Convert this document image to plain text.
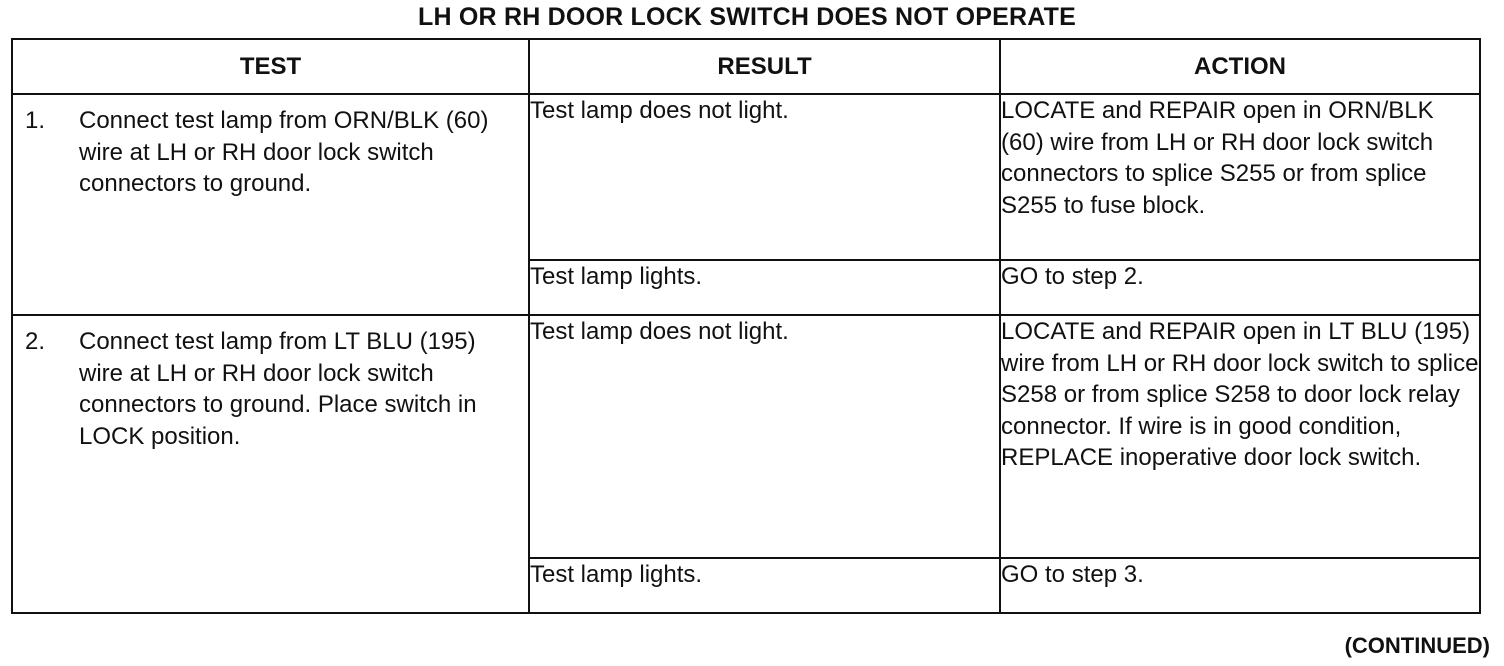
LH OR RH DOOR LOCK SWITCH DOES NOT OPERATE
TEST	RESULT	ACTION

1. Connect test lamp from ORN/BLK (60) wire at LH or RH door lock switch connectors to ground.	Test lamp does not light.	LOCATE and REPAIR open in ORN/BLK (60) wire from LH or RH door lock switch connectors to splice S255 or from splice S255 to fuse block.
	Test lamp lights.	GO to step 2.

2. Connect test lamp from LT BLU (195) wire at LH or RH door lock switch connectors to ground. Place switch in LOCK position.	Test lamp does not light.	LOCATE and REPAIR open in LT BLU (195) wire from LH or RH door lock switch to splice S258 or from splice S258 to door lock relay connector. If wire is in good condition, REPLACE inoperative door lock switch.
	Test lamp lights.	GO to step 3.
(CONTINUED)
